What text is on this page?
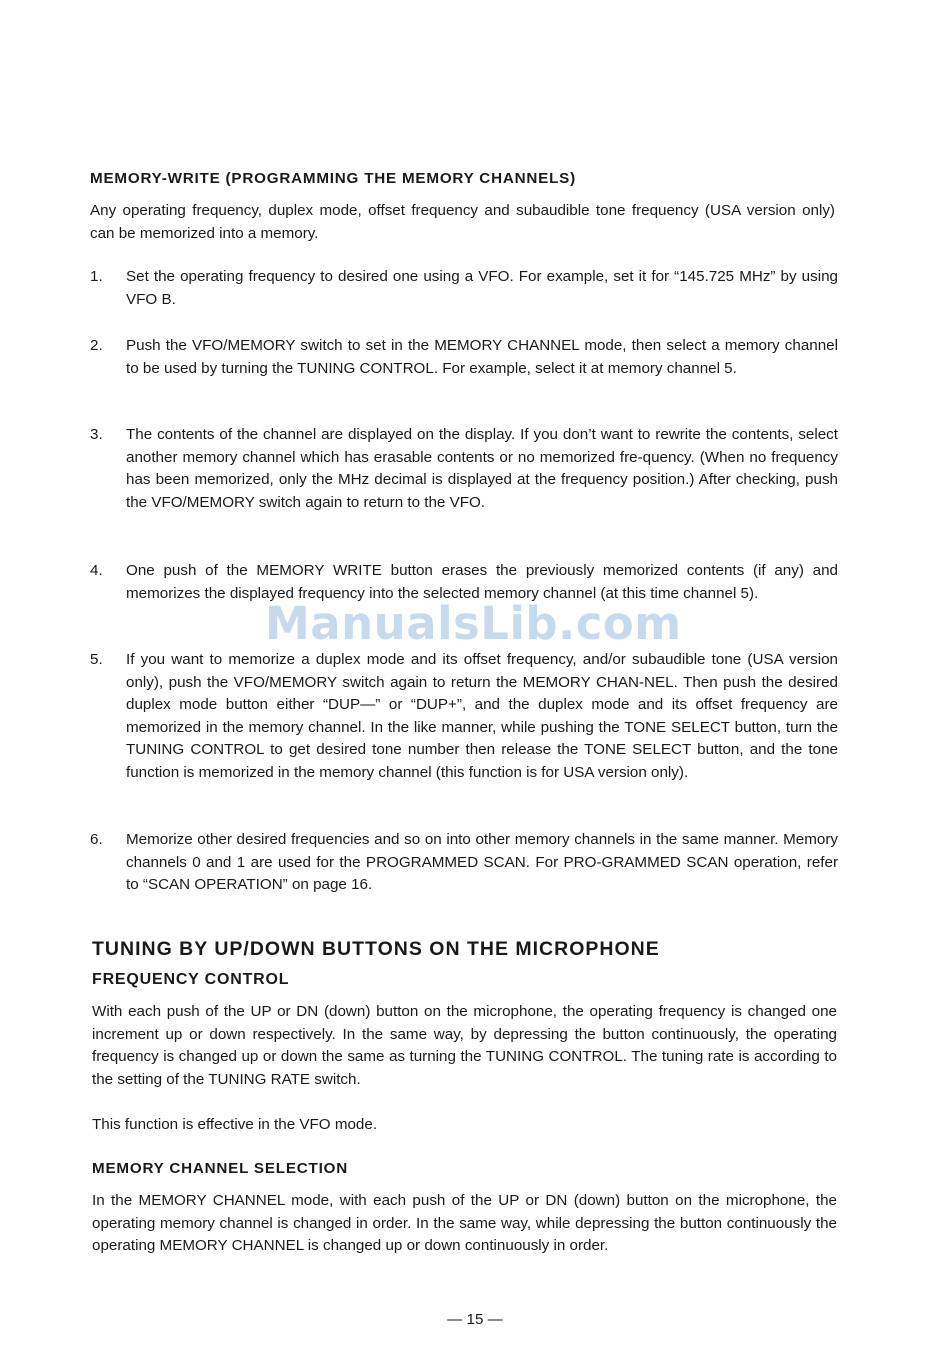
MEMORY-WRITE (PROGRAMMING THE MEMORY CHANNELS)

Any operating frequency, duplex mode, offset frequency and subaudible tone frequency (USA version only) can be memorized into a memory.

1. Set the operating frequency to desired one using a VFO. For example, set it for “145.725 MHz” by using VFO B.

2. Push the VFO/MEMORY switch to set in the MEMORY CHANNEL mode, then select a memory channel to be used by turning the TUNING CONTROL. For example, select it at memory channel 5.

3. The contents of the channel are displayed on the display. If you don’t want to rewrite the contents, select another memory channel which has erasable contents or no memorized fre-quency. (When no frequency has been memorized, only the MHz decimal is displayed at the frequency position.) After checking, push the VFO/MEMORY switch again to return to the VFO.

4. One push of the MEMORY WRITE button erases the previously memorized contents (if any) and memorizes the displayed frequency into the selected memory channel (at this time channel 5).

5. If you want to memorize a duplex mode and its offset frequency, and/or subaudible tone (USA version only), push the VFO/MEMORY switch again to return the MEMORY CHAN-NEL. Then push the desired duplex mode button either “DUP—” or “DUP+”, and the duplex mode and its offset frequency are memorized in the memory channel. In the like manner, while pushing the TONE SELECT button, turn the TUNING CONTROL to get desired tone number then release the TONE SELECT button, and the tone function is memorized in the memory channel (this function is for USA version only).

6. Memorize other desired frequencies and so on into other memory channels in the same manner. Memory channels 0 and 1 are used for the PROGRAMMED SCAN. For PRO-GRAMMED SCAN operation, refer to “SCAN OPERATION” on page 16.

ManualsLib.com
TUNING BY UP/DOWN BUTTONS ON THE MICROPHONE
FREQUENCY CONTROL

With each push of the UP or DN (down) button on the microphone, the operating frequency is changed one increment up or down respectively. In the same way, by depressing the button continuously, the operating frequency is changed up or down the same as turning the TUNING CONTROL. The tuning rate is according to the setting of the TUNING RATE switch.

This function is effective in the VFO mode.

MEMORY CHANNEL SELECTION

In the MEMORY CHANNEL mode, with each push of the UP or DN (down) button on the microphone, the operating memory channel is changed in order. In the same way, while depressing the button continuously the operating MEMORY CHANNEL is changed up or down continuously in order.

— 15 —
